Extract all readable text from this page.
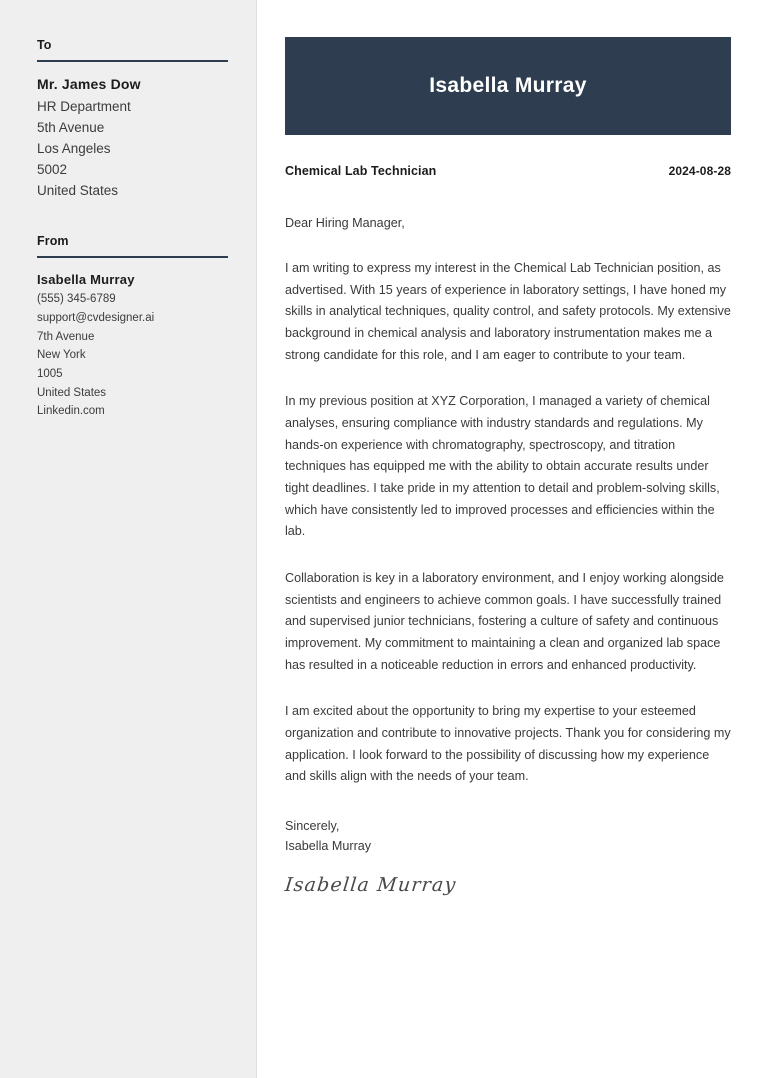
To
Mr. James Dow
HR Department
5th Avenue
Los Angeles
5002
United States
From
Isabella Murray
(555) 345-6789
support@cvdesigner.ai
7th Avenue
New York
1005
United States
Linkedin.com
Isabella Murray
Chemical Lab Technician	2024-08-28
Dear Hiring Manager,

I am writing to express my interest in the Chemical Lab Technician position, as advertised. With 15 years of experience in laboratory settings, I have honed my skills in analytical techniques, quality control, and safety protocols. My extensive background in chemical analysis and laboratory instrumentation makes me a strong candidate for this role, and I am eager to contribute to your team.

In my previous position at XYZ Corporation, I managed a variety of chemical analyses, ensuring compliance with industry standards and regulations. My hands-on experience with chromatography, spectroscopy, and titration techniques has equipped me with the ability to obtain accurate results under tight deadlines. I take pride in my attention to detail and problem-solving skills, which have consistently led to improved processes and efficiencies within the lab.

Collaboration is key in a laboratory environment, and I enjoy working alongside scientists and engineers to achieve common goals. I have successfully trained and supervised junior technicians, fostering a culture of safety and continuous improvement. My commitment to maintaining a clean and organized lab space has resulted in a noticeable reduction in errors and enhanced productivity.

I am excited about the opportunity to bring my expertise to your esteemed organization and contribute to innovative projects. Thank you for considering my application. I look forward to the possibility of discussing how my experience and skills align with the needs of your team.

Sincerely,
Isabella Murray
Isabella Murray
